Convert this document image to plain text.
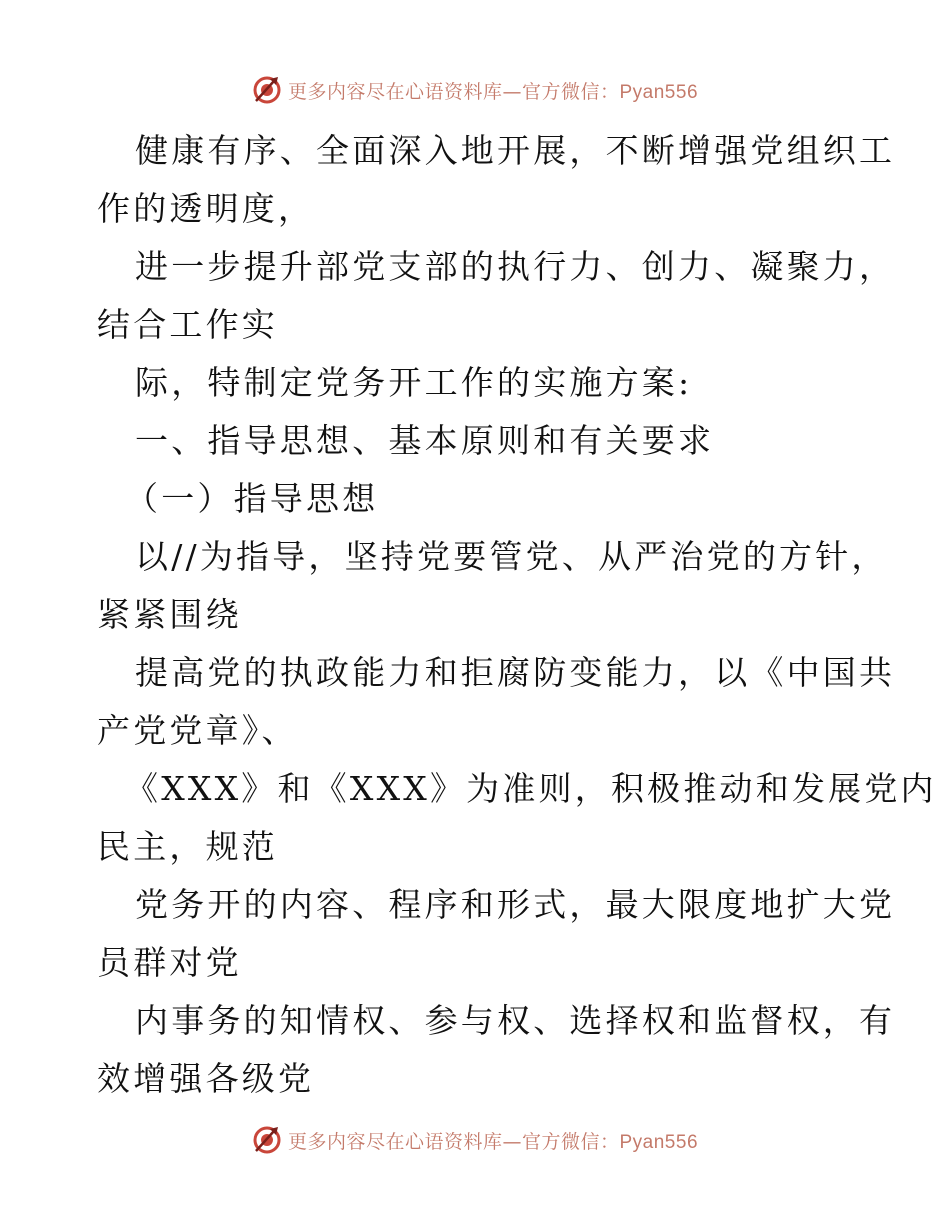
更多内容尽在心语资料库—官方微信：Pyan556
健康有序、全面深入地开展，不断增强党组织工
作的透明度，
进一步提升部党支部的执行力、创力、凝聚力，
结合工作实
际，特制定党务开工作的实施方案:
一、指导思想、基本原则和有关要求
（一）指导思想
以//为指导，坚持党要管党、从严治党的方针，
紧紧围绕
提高党的执政能力和拒腐防变能力，以《中国共
产党党章》、
《XXX》和《XXX》为准则，积极推动和发展党内
民主，规范
党务开的内容、程序和形式，最大限度地扩大党
员群对党
内事务的知情权、参与权、选择权和监督权，有
效增强各级党
更多内容尽在心语资料库—官方微信：Pyan556
